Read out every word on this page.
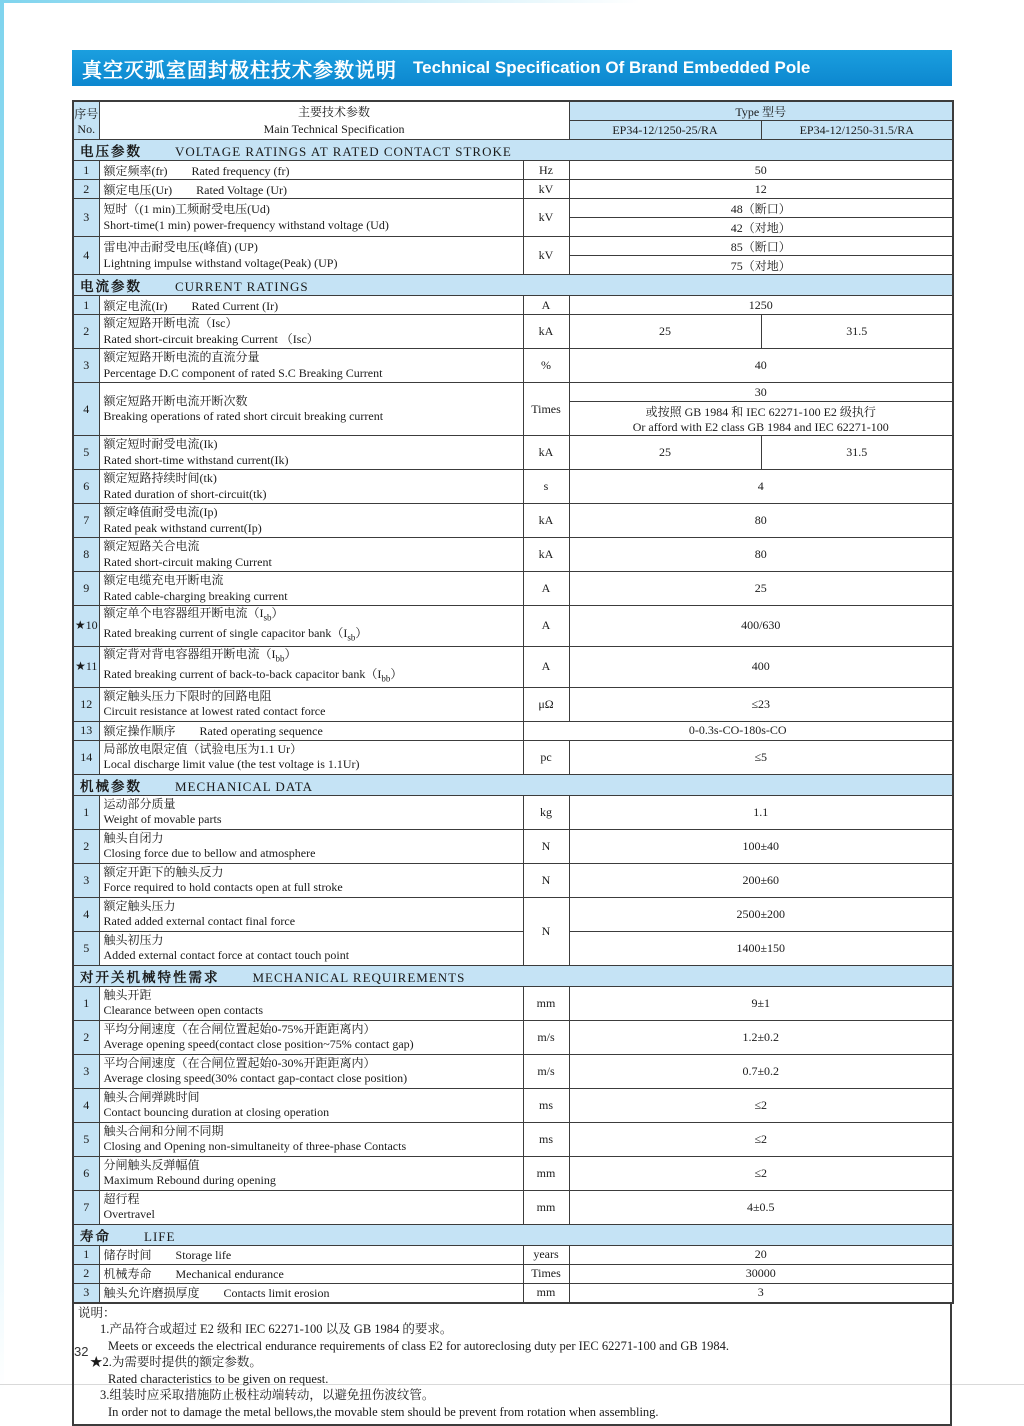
真空灭弧室固封极柱技术参数说明 Technical Specification Of Brand Embedded Pole
序号
No.

主要技术参数
Main Technical Specification
	Type 型号
			EP34-12/1250-25/RA	EP34-12/1250-31.5/RA
电压参数 VOLTAGE RATINGS AT RATED CONTACT STROKE				
1	额定频率(fr) Rated frequency (fr)	Hz	50	
2	额定电压(Ur) Rated Voltage (Ur)	kV	12	
3	短时（(1 min)工频耐受电压(Ud)
Short-time(1 min) power-frequency withstand voltage (Ud)	kV	48（断口）	
			42（对地）	
4	雷电冲击耐受电压(峰值) (UP)
Lightning impulse withstand voltage(Peak) (UP)	kV	85（断口）	
			75（对地）	
电流参数 CURRENT RATINGS				
1	额定电流(Ir) Rated Current (Ir)	A	1250	
2	额定短路开断电流（Isc）
Rated short-circuit breaking Current （Isc）	kA	25	31.5
3	额定短路开断电流的直流分量
Percentage D.C component of rated S.C Breaking Current	%	40	
4	额定短路开断电流开断次数
Breaking operations of rated short circuit breaking current	Times	30	

			或按照 GB 1984 和 IEC 62271-100 E2 级执行
Or afford with E2 class GB 1984 and IEC 62271-100	

5	额定短时耐受电流(Ik)
Rated short-time withstand current(Ik)	kA	25	31.5
6	额定短路持续时间(tk)
Rated duration of short-circuit(tk)	s	4	
7	额定峰值耐受电流(Ip)
Rated peak withstand current(Ip)	kA	80	
8	额定短路关合电流
Rated short-circuit making Current	kA	80	
9	额定电缆充电开断电流
Rated cable-charging breaking current	A	25	
★10	额定单个电容器组开断电流$(I_{sb})$
Rated breaking current of single capacitor $bank(I_{sb})$	A	400/630	
★11	额定背对背电容器组开断电流$(I_{bb})$
Rated breaking current of back-to-back capacitor $bank(I_{bb})$	A	400	
12	额定触头压力下限时的回路电阻
Circuit resistance at lowest rated contact force	μΩ	≤23	
13	额定操作顺序 Rated operating sequence	0-0.3s-CO-180s-CO		
14	局部放电限定值（试验电压为1.1 Ur）
Local discharge limit value (the test voltage is 1.1Ur)	pc	≤5	
机械参数 MECHANICAL DATA				
1	运动部分质量
Weight of movable parts	kg	1.1	
2	触头自闭力
Closing force due to bellow and atmosphere	N	100±40	
3	额定开距下的触头反力
Force required to hold contacts open at full stroke	N	200±60	
4	额定触头压力
Rated added external contact final force	N	2500±200	
5	触头初压力
Added external contact force at contact touch point		1400±150	
对开关机械特性需求 MECHANICAL REQUIREMENTS				
1	触头开距
Clearance between open contacts	mm	9±1	
2	平均分闸速度（在合闸位置起始0-75%开距距离内）
Average opening speed(contact close position~75% contact gap)	m/s	1.2±0.2	
3	平均合闸速度（在合闸位置起始0-30%开距距离内）
Average closing speed(30% contact gap-contact close position)	m/s	0.7±0.2	
4	触头合闸弹跳时间
Contact bouncing duration at closing operation	ms	≤2	
5	触头合闸和分闸不同期
Closing and Opening non-simultaneity of three-phase Contacts	ms	≤2	
6	分闸触头反弹幅值
Maximum Rebound during opening	mm	≤2	
7	超行程
Overtravel	mm	4±0.5	
寿命 LIFE				
1	储存时间 Storage life	years	20	
2	机械寿命 Mechanical endurance	Times	30000	
3	触头允许磨损厚度 Contacts limit erosion	mm	3	
说明：
1.产品符合或超过 E2 级和 IEC 62271-100 以及 GB 1984 的要求。
Meets or exceeds the electrical endurance requirements of class E2 for autoreclosing duty per IEC 62271-100 and GB 1984.
★2.为需要时提供的额定参数。
Rated characteristics to be given on request.
3.组装时应采取措施防止极柱动端转动，以避免扭伤波纹管。
In order not to damage the metal bellows,the movable stem should be prevent from rotation when assembling.
32
